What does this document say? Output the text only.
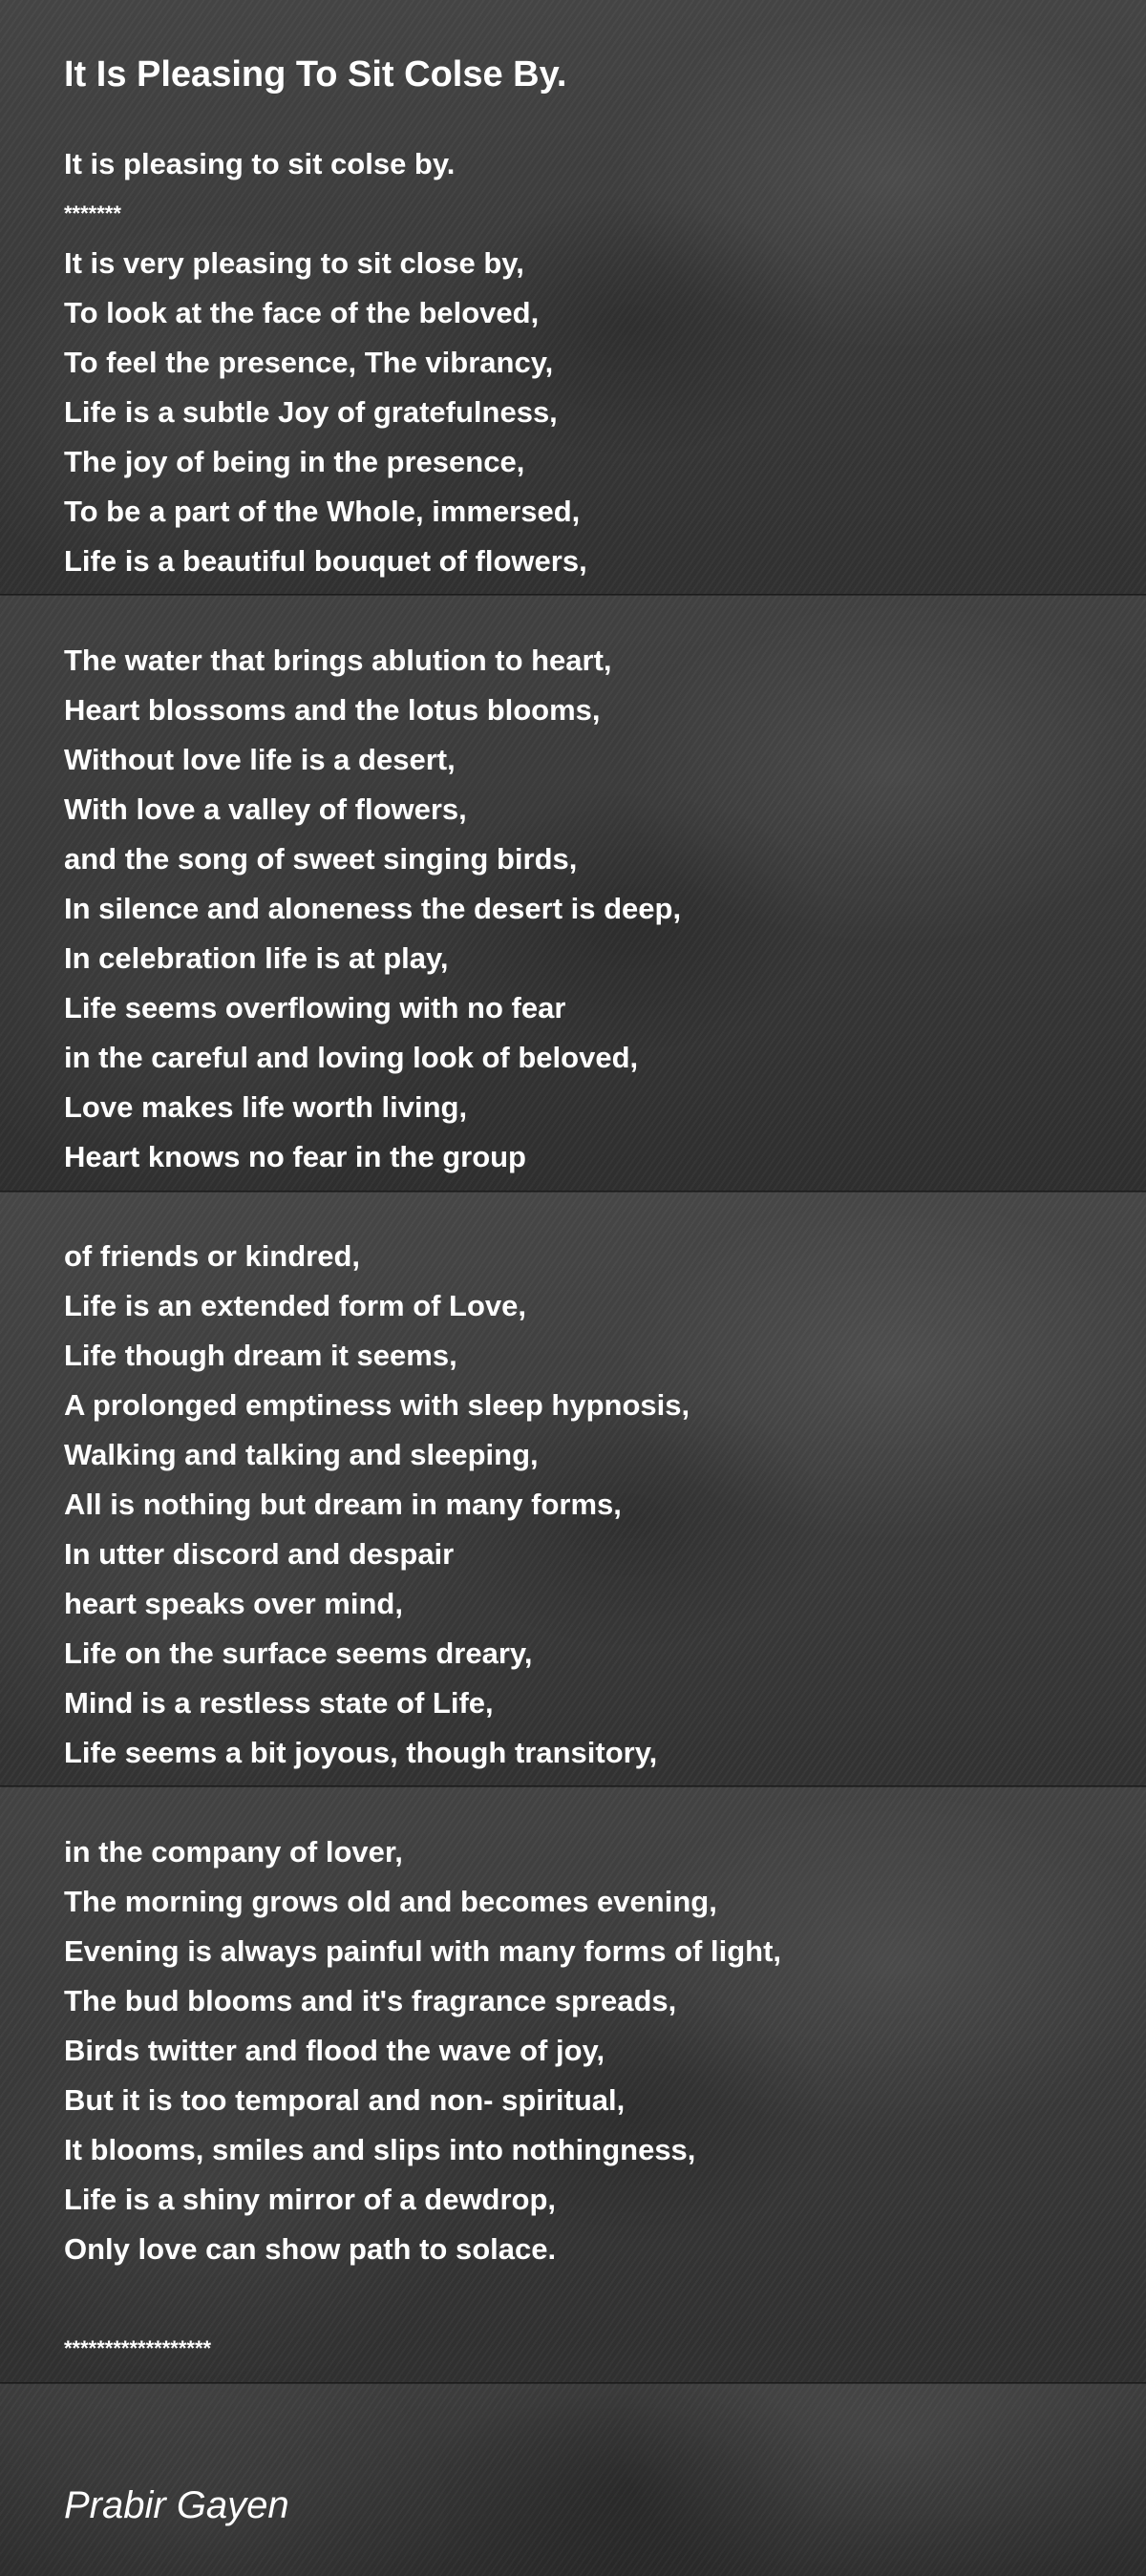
It Is Pleasing To Sit Colse By.
It is pleasing to sit colse by.
*******
It is very pleasing to sit close by,
To look at the face of the beloved,
To feel the presence, The vibrancy,
Life is a subtle Joy of gratefulness,
The joy of being in the presence,
To be a part of the Whole, immersed,
Life is a beautiful bouquet of flowers,
The water that brings ablution to heart,
Heart blossoms and the lotus blooms,
Without love life is a desert,
With love a valley of flowers,
and the song of sweet singing birds,
In silence and aloneness the desert is deep,
In celebration life is at play,
Life seems overflowing with no fear
in the careful and loving look of beloved,
Love makes life worth living,
Heart knows no fear in the group
of friends or kindred,
Life is an extended form of Love,
Life though dream it seems,
A prolonged emptiness with sleep hypnosis,
Walking and talking and sleeping,
All is nothing but dream in many forms,
In utter discord and despair
heart speaks over mind,
Life on the surface seems dreary,
Mind is a restless state of Life,
Life seems a bit joyous, though transitory,
in the company of lover,
The morning grows old and becomes evening,
Evening is always painful with many forms of light,
The bud blooms and it's fragrance spreads,
Birds twitter and flood the wave of joy,
But it is too temporal and non- spiritual,
It blooms, smiles and slips into nothingness,
Life is a shiny mirror of a dewdrop,
Only love can show path to solace.
******************
Prabir Gayen
